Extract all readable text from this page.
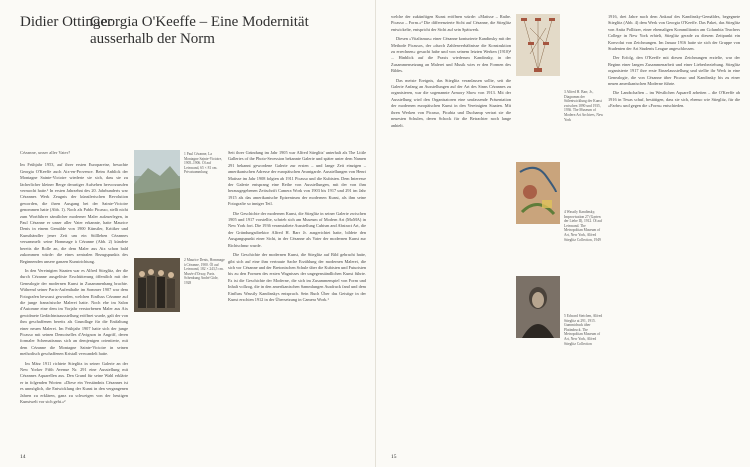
Didier Ottinger
Georgia O'Keeffe – Eine Modernität ausserhalb der Norm
Cézanne, unser aller Vater?

Im Frühjahr 1953, auf ihrer ersten Europareise, besuchte Georgia O'Keeffe auch Aix-en-Provence. Beim Anblick der Montagne Sainte-Victoire wiederte sie sich, dass sie zu lächerlicher kleiner Berge derartiger Aufsehen hervorzurufen vermocht hatte.¹ In ersten Jahrzehnt des 20. Jahrhunderts war Cézannes Werk Zeugnis der künstlerischen Revolution geworden, die ihren Ausgang bei der Sainte-Victoire genommen hatte (Abb. 1). Noch als Pablo Picasso, stellt nicht zum Wortführer sämtlicher moderner Maler aufzuerlegen, in Paul Cézanne er unser aller Vater erkannte, hatte Maurice Denis in einem Gemälde von 1900 Künstler, Kritiker und Kunsthändler jener Zeit um ein Stillleben Cézannes versammelt: seine Hommage à Cézanne (Abb. 2) kündete bereits die Rolle an, die dem Maler aus Aix schon bald zukommen würde: die eines zentralen Bezugspunkts des Beginnenden unsere ganzen Kunstrichtung.

In den Vereinigten Staaten war es Alfred Stieglitz, der die durch Cézanne ausgelöste Erschütterung öffentlich mit der Genealogie der modernen Kunst in Zusammenhang brachte. Während seiner Paris-Aufenthalte im Sommer 1907 war dem Fotografen bewusst geworden, welchen Einfluss Cézanne auf die junge französische Malerei hatte. Noch ehe im Salon d'Automne eine dem im Vorjahr verstorbenen Maler aus Aix gewidmete Gedächtnisausstellung eröffnet wurde, galt der von ihm geschaffenen bereits als Grundlage für die Entfaltung einer neuen Malerei. Im Frühjahr 1907 hatte sich der junge Picasso mit seinen Demoiselles d'Avignon in Angriff, deren formaler Schematismus sich an demjenigen orientierte, mit dem Cézanne die Montagne Sainte-Victoire in seinen methodisch geschaffenen Kristall verwandelt hatte.

Im März 1911 richtete Stieglitz in seiner Galerie an der New Yorker Fifth Avenue Nr. 291 eine Ausstellung mit Cézannes Aquarellen aus. Den Grund für seine Wahl erklärte er in folgenden Worten: »Diese ein Verständnis Cézannes ist es unmöglich, die Entwicklung der Kunst in den vergangenen Jahren zu erklären, ganz zu schweigen von der heutigen Kunstwelt vor sich geht.«²

1 Paul Cézanne, La Montagne Sainte-Victoire, 1905–1906. Öl auf Leinwand, 65 × 81 cm. Privatsammlung
2 Maurice Denis, Hommage à Cézanne, 1900. Öl auf Leinwand, 182 × 243,5 cm. Musée d'Orsay, Paris. Schenkung André Gide, 1928

Seit ihrer Gründung im Jahr 1905 war Alfred Stieglitz' unterhalt als The Little Galleries of the Photo-Secession bekannte Galerie und später unter dem Namen 291 bekannt gewordene Galerie zur ersten – und lange Zeit einzigen – amerikanischen Adresse der europäischen Avantgarde. Ausstellungen von Henri Matisse im Jahr 1908 folgten ab 1911 Picasso und die Kubisten. Dem Interesse der Galerie entsprang eine Reihe von Ausstellungen, mit der von ihm herausgegebenen Zeitschrift Camera Work von 1903 bis 1917 und 291 im Jahr 1915 als das amerikanische Epizentrum der modernen Kunst, als ihm seine Fotografie so inniger Teil.

Die Geschichte der modernen Kunst, die Stieglitz in seiner Galerie zwischen 1905 und 1917 vorstellte, schrieb sich am Museum of Modern Art (MoMA) in New York fort. Die 1936 veranstaltete Ausstellung Cubism and Abstract Art, die der Gründungsdirektor Alfred H. Barr Jr. ausgerichtet hatte, bildete den Ausgangspunkt einer Sicht, in der Cézanne als Vater der modernen Kunst zur Richtschnur wurde.

Die Geschichte der modernen Kunst, die Stieglitz auf Bild gebracht hatte, gibt sich auf eine ihm vertraute Sache Erzählung der modernen Malerei, die sich vor Cézanne und der Bretonischen Schule über die Kubisten und Futuristen bis zu den Formen des ersten Wagnisses der ungegenständlichen Kunst führte. Es ist die Geschichte der Moderne, die sich im Zusammenspiel von Form und Inhalt vollzog, die in den amerikanischen Sammlungen Ausdruck fand und dem Einfluss Wassily Kandinskys entsprach. Sein Buch Über das Geistige in der Kunst erschien 1912 in der Übersetzung in Camera Work.¹

14

welche der zukünftigen Kunst eröffnen würde: »Matisse – Rathe. Picasso – Form.«³ Die differenzierte Sicht auf Cézanne, die Stieglitz entwickelte, entspricht der Sicht auf sein Spätwerk.

Diesen »Vitalismus« einer Cézanne konturierte Kandinsky mit der Methode Picassos, der »durch Zahlenverhältnisse die Konstruktion zu errechnen« gesucht habe und von seinem letzten Werken (1910)⁴ ... Hinblick auf die Praxis wiederum Kandinsky, in der Zusammensetzung an Malerei und Musik wies er den Formen des Bildes.

Das meiste Ereignis, das Stieglitz veranlassen sollte, seit die Galerie Anfang an Ausstellungen auf der Art des Sinns Cézannes zu organisieren, war die sogenannte Armory Show von 1913. Mit der Ausstellung wird den Organisatoren eine umfassende Präsentation der modernen europäischen Kunst in den Vereinigten Staaten. Mit ihren Werken von Picasso, Picabia und Duchamp vertrat sie die neuesten Schulen, deren Schock für die Betrachter noch lange anhielt.

3 Alfred H. Barr, Jr., Diagramm der Stilentwicklung der Kunst zwischen 1890 und 1935, 1936. The Museum of Modern Art Archives, New York
4 Wassily Kandinsky, Improvisation 27 (Garten der Liebe II), 1912. Öl auf Leinwand. The Metropolitan Museum of Art, New York, Alfred Stieglitz Collection, 1949
5 Edward Steichen, Alfred Stieglitz at 291, 1915. Gummidruck über Platindruck. The Metropolitan Museum of Art, New York, Alfred Stieglitz Collection

1916, drei Jahre nach dem Ankauf des Kandinsky-Gemäldes, begegnete Stieglitz (Abb. 4) dem Werk von Georgia O'Keeffe. Das Paket, das Stieglitz von Anita Pollitzer, einer ehemaligen Kommilitonin am Columbia Teachers College in New York erhielt, Stieglitz gerade zu diesem Zeitpunkt ein Konvolut von Zeichnungen. Im Januar 1916 hatte sie sich der Gruppe von Studenten der Art Students League angeschlossen.

Der Erfolg, den O'Keeffe mit diesen Zeichnungen erzielte, war der Beginn einer langen Zusammenarbeit und einer Liebesbeziehung. Stieglitz organisierte 1917 ihre erste Einzelausstellung und stellte ihr Werk in eine Genealogie, die von Cézanne über Picasso und Kandinsky bis zu einer neuen amerikanischen Moderne führte.

Die Landschaften – im Westlichen Aquarell arbeiten – die O'Keeffe ab 1916 in Texas schuf, bestätigen, dass sie sich, ebenso wie Stieglitz, für die »Farbe« und gegen die »Form« entschieden.

15
